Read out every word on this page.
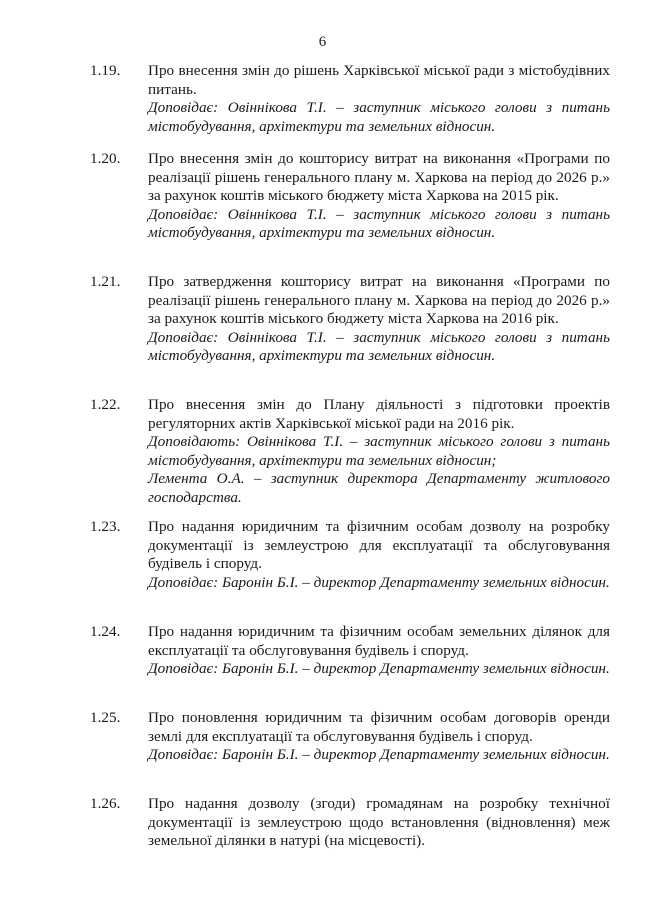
6
1.19.	Про внесення змін до рішень Харківської міської ради з містобудівних питань.
Доповідає: Овіннікова Т.І. – заступник міського голови з питань містобудування, архітектури та земельних відносин.
1.20.	Про внесення змін до кошторису витрат на виконання «Програми по реалізації рішень генерального плану м. Харкова на період до 2026 р.» за рахунок коштів міського бюджету міста Харкова на 2015 рік.
Доповідає: Овіннікова Т.І. – заступник міського голови з питань містобудування, архітектури та земельних відносин.
1.21.	Про затвердження кошторису витрат на виконання «Програми по реалізації рішень генерального плану м. Харкова на період до 2026 р.» за рахунок коштів міського бюджету міста Харкова на 2016 рік.
Доповідає: Овіннікова Т.І. – заступник міського голови з питань містобудування, архітектури та земельних відносин.
1.22.	Про внесення змін до Плану діяльності з підготовки проектів регуляторних актів Харківської міської ради на 2016 рік.
Доповідають: Овіннікова Т.І. – заступник міського голови з питань містобудування, архітектури та земельних відносин;
Лемента О.А. – заступник директора Департаменту житлового господарства.
1.23.	Про надання юридичним та фізичним особам дозволу на розробку документації із землеустрою для експлуатації та обслуговування будівель і споруд.
Доповідає: Баронін Б.І. – директор Департаменту земельних відносин.
1.24.	Про надання юридичним та фізичним особам земельних ділянок для експлуатації та обслуговування будівель і споруд.
Доповідає: Баронін Б.І. – директор Департаменту земельних відносин.
1.25.	Про поновлення юридичним та фізичним особам договорів оренди землі для експлуатації та обслуговування будівель і споруд.
Доповідає: Баронін Б.І. – директор Департаменту земельних відносин.
1.26.	Про надання дозволу (згоди) громадянам на розробку технічної документації із землеустрою щодо встановлення (відновлення) меж земельної ділянки в натурі (на місцевості).
